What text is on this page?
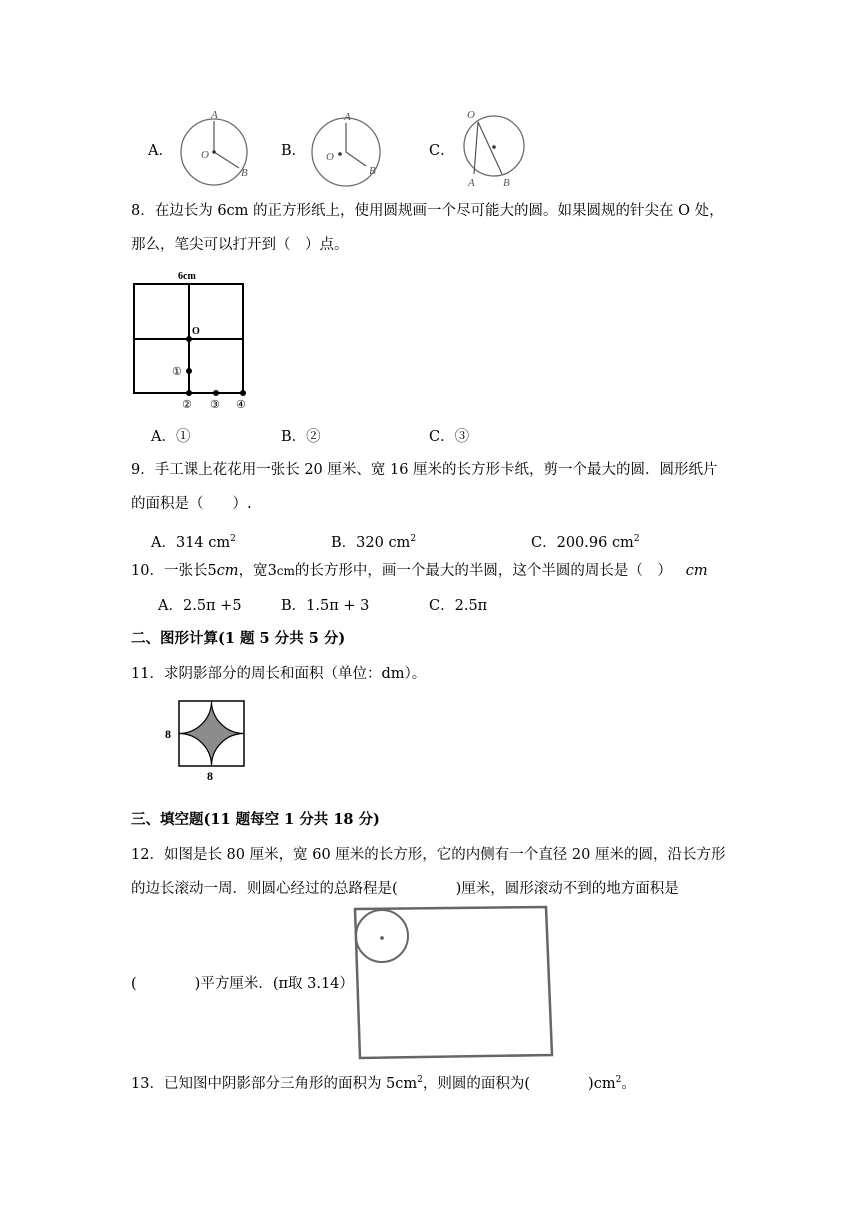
A．
A
O
B
B．
A
O
B
C．
O
A	B
8．在边长为 6cm 的正方形纸上，使用圆规画一个尽可能大的圆。如果圆规的针尖在 O 处，
那么，笔尖可以打开到（　）点。
6cm
O
①
② ③ ④
A．①	B．②	C．③
9．手工课上花花用一张长 20 厘米、宽 16 厘米的长方形卡纸，剪一个最大的圆．圆形纸片
的面积是（　　）.
A．314 $cm^2$	B．320 $cm^2$	C．200.96 $cm^2$
10．一张长5cm，宽3cm的长方形中，画一个最大的半圆，这个半圆的周长是（　） cm
A．2.5π +5	B．1.5π + 3	C．2.5π
二、图形计算(1 题 5 分共 5 分)
11．求阴影部分的周长和面积（单位：dm）。
8
8
三、填空题(11 题每空 1 分共 18 分)
12．如图是长 80 厘米，宽 60 厘米的长方形，它的内侧有一个直径 20 厘米的圆，沿长方形
的边长滚动一周．则圆心经过的总路程是(　　　　)厘米，圆形滚动不到的地方面积是
(　　　　)平方厘米．(π取 3.14）
13．已知图中阴影部分三角形的面积为 $5cm^2$，则圆的面积为(　　　　)$cm^2$。
